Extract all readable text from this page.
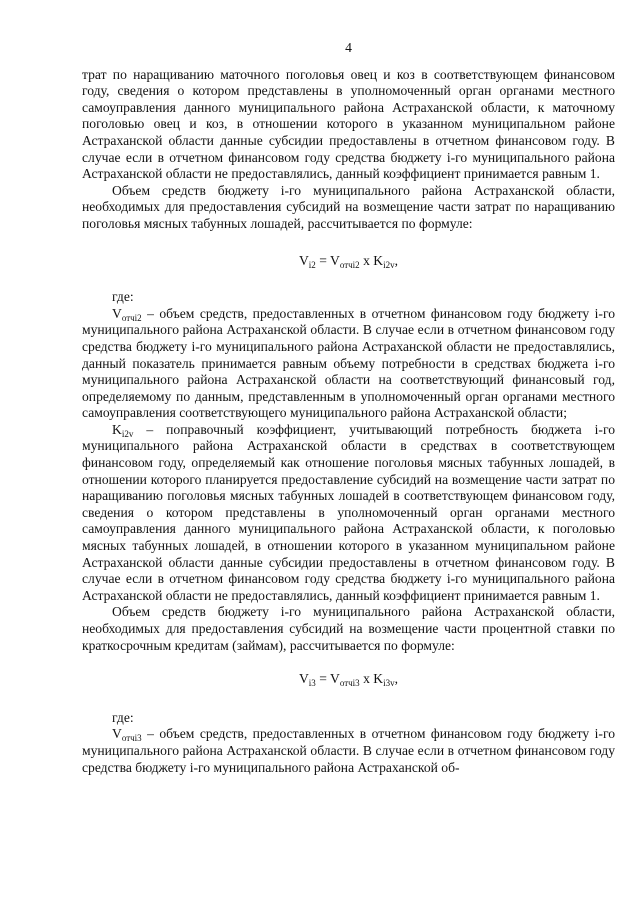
4

трат по наращиванию маточного поголовья овец и коз в соответствующем финансовом году, сведения о котором представлены в уполномоченный орган органами местного самоуправления данного муниципального района Астраханской области, к маточному поголовью овец и коз, в отношении которого в указанном муниципальном районе Астраханской области данные субсидии предоставлены в отчетном финансовом году. В случае если в отчетном финансовом году средства бюджету i-го муниципального района Астраханской области не предоставлялись, данный коэффициент принимается равным 1.

Объем средств бюджету i-го муниципального района Астраханской области, необходимых для предоставления субсидий на возмещение части затрат по наращиванию поголовья мясных табунных лошадей, рассчитывается по формуле:

$V_{i2} = V_{отчi2}$ x $K_{i2v}$,

где:

$V_{отчi2}$ – объем средств, предоставленных в отчетном финансовом году бюджету i-го муниципального района Астраханской области. В случае если в отчетном финансовом году средства бюджету i-го муниципального района Астраханской области не предоставлялись, данный показатель принимается равным объему потребности в средствах бюджета i-го муниципального района Астраханской области на соответствующий финансовый год, определяемому по данным, представленным в уполномоченный орган органами местного самоуправления соответствующего муниципального района Астраханской области;

$K_{i2v}$ – поправочный коэффициент, учитывающий потребность бюджета i-го муниципального района Астраханской области в средствах в соответствующем финансовом году, определяемый как отношение поголовья мясных табунных лошадей, в отношении которого планируется предоставление субсидий на возмещение части затрат по наращиванию поголовья мясных табунных лошадей в соответствующем финансовом году, сведения о котором представлены в уполномоченный орган органами местного самоуправления данного муниципального района Астраханской области, к поголовью мясных табунных лошадей, в отношении которого в указанном муниципальном районе Астраханской области данные субсидии предоставлены в отчетном финансовом году. В случае если в отчетном финансовом году средства бюджету i-го муниципального района Астраханской области не предоставлялись, данный коэффициент принимается равным 1.

Объем средств бюджету i-го муниципального района Астраханской области, необходимых для предоставления субсидий на возмещение части процентной ставки по краткосрочным кредитам (займам), рассчитывается по формуле:

$V_{i3} = V_{отчi3}$ x $K_{i3v}$,

где:

$V_{отчi3}$ – объем средств, предоставленных в отчетном финансовом году бюджету i-го муниципального района Астраханской области. В случае если в отчетном финансовом году средства бюджету i-го муниципального района Астраханской об-
